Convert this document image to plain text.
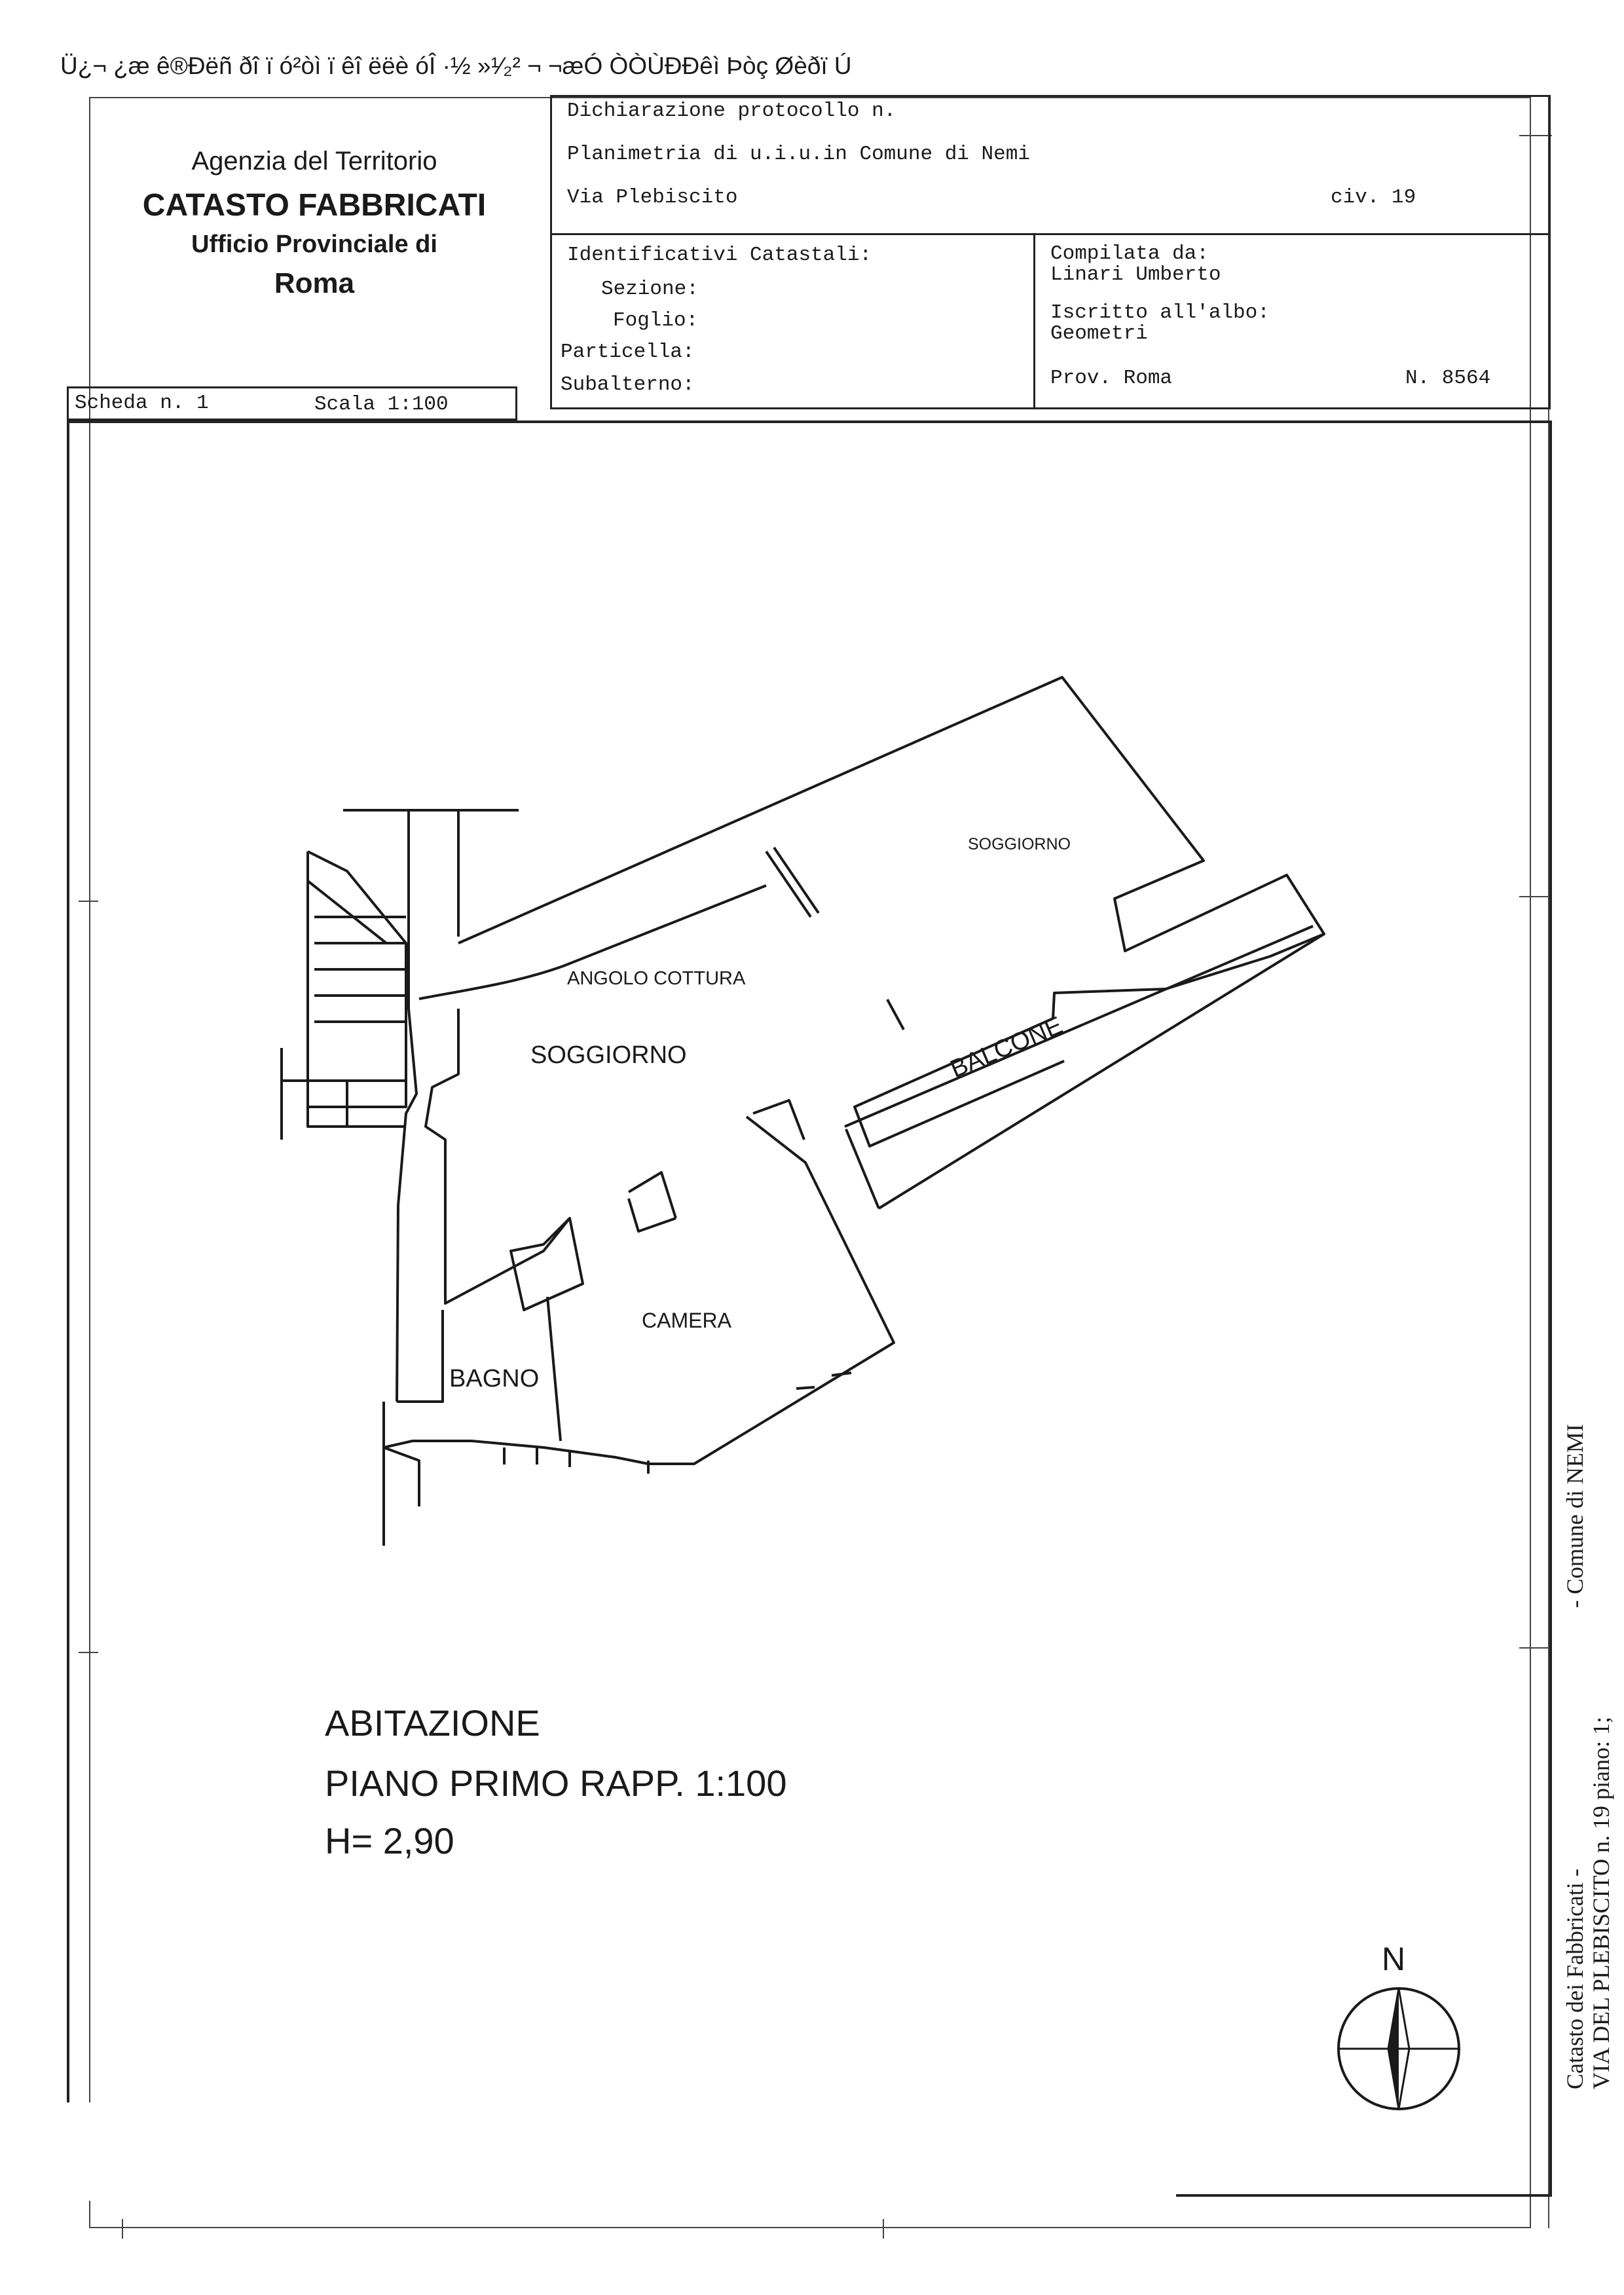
Ü¿¬ ¿æ ê®Ðëñ ðî ï ó²òì ï êî ëëè óÎ ·½ »¹⁄₂² ¬ ¬æÓ ÒÒÙÐÐêì Þòç Øèðï Ú
Agenzia del Territorio
CATASTO FABBRICATI
Ufficio Provinciale di
Roma
Scheda n. 1	Scala 1:100
Dichiarazione protocollo n.
Planimetria di u.i.u.in Comune di Nemi
Via Plebiscito	civ. 19
Identificativi Catastali:
Sezione:
Foglio:
Particella:
Subalterno:
Compilata da:
Linari Umberto
Iscritto all'albo:
Geometri
Prov. Roma	N. 8564
SOGGIORNO
ANGOLO COTTURA
SOGGIORNO	BALCONE
CAMERA
BAGNO
ABITAZIONE
PIANO PRIMO RAPP. 1:100
H= 2,90
N	Catasto dei Fabbricati -  - Comune di NEMI
VIA DEL PLEBISCITO n. 19 piano: 1;
